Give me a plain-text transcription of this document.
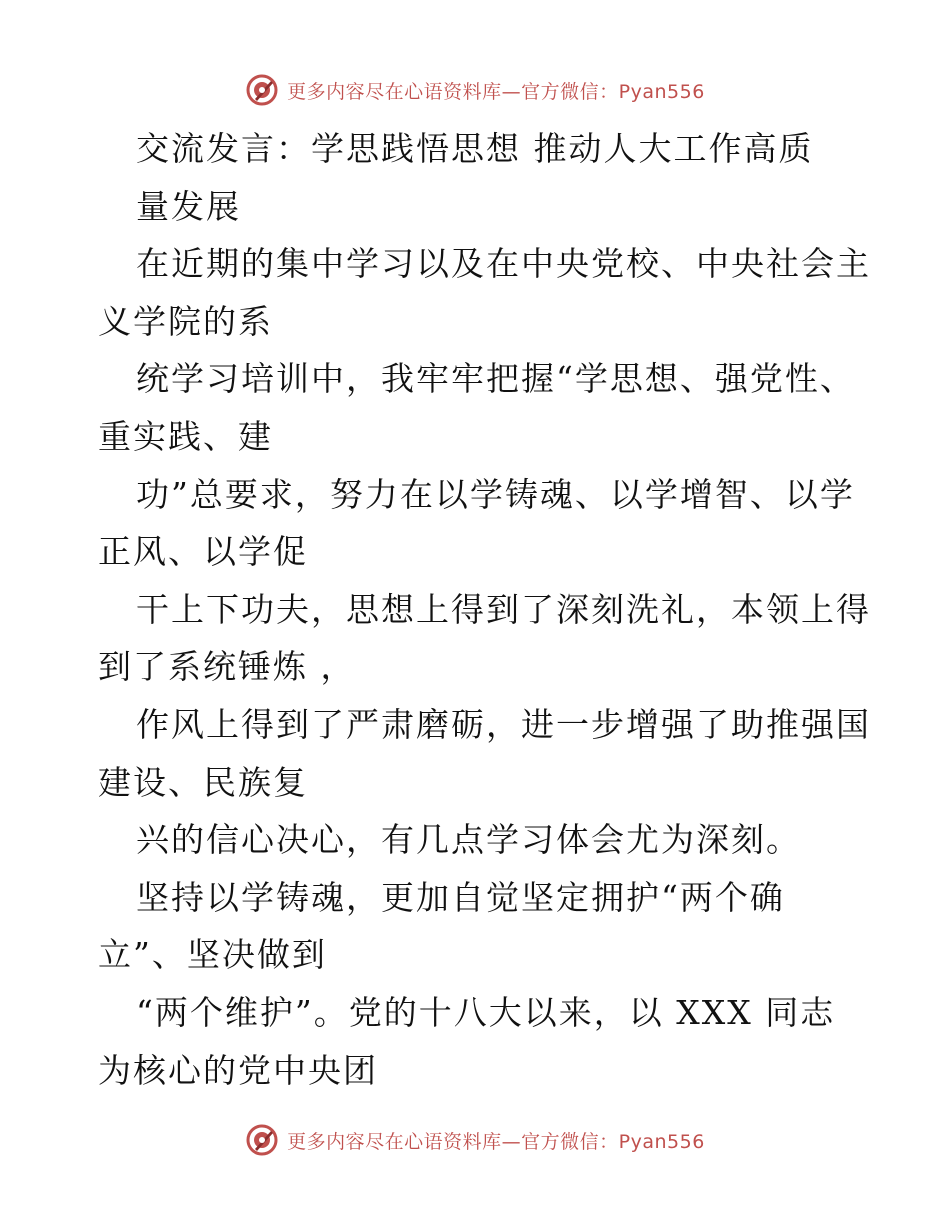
更多内容尽在心语资料库—官方微信：Pyan556
交流发言：学思践悟思想 推动人大工作高质
量发展
在近期的集中学习以及在中央党校、中央社会主
义学院的系
统学习培训中，我牢牢把握“学思想、强党性、
重实践、建
功”总要求，努力在以学铸魂、以学增智、以学
正风、以学促
干上下功夫，思想上得到了深刻洗礼，本领上得
到了系统锤炼 ，
作风上得到了严肃磨砺，进一步增强了助推强国
建设、民族复
兴的信心决心，有几点学习体会尤为深刻。
坚持以学铸魂，更加自觉坚定拥护“两个确
立”、坚决做到
“两个维护”。党的十八大以来，以 XXX 同志
为核心的党中央团
更多内容尽在心语资料库—官方微信：Pyan556
